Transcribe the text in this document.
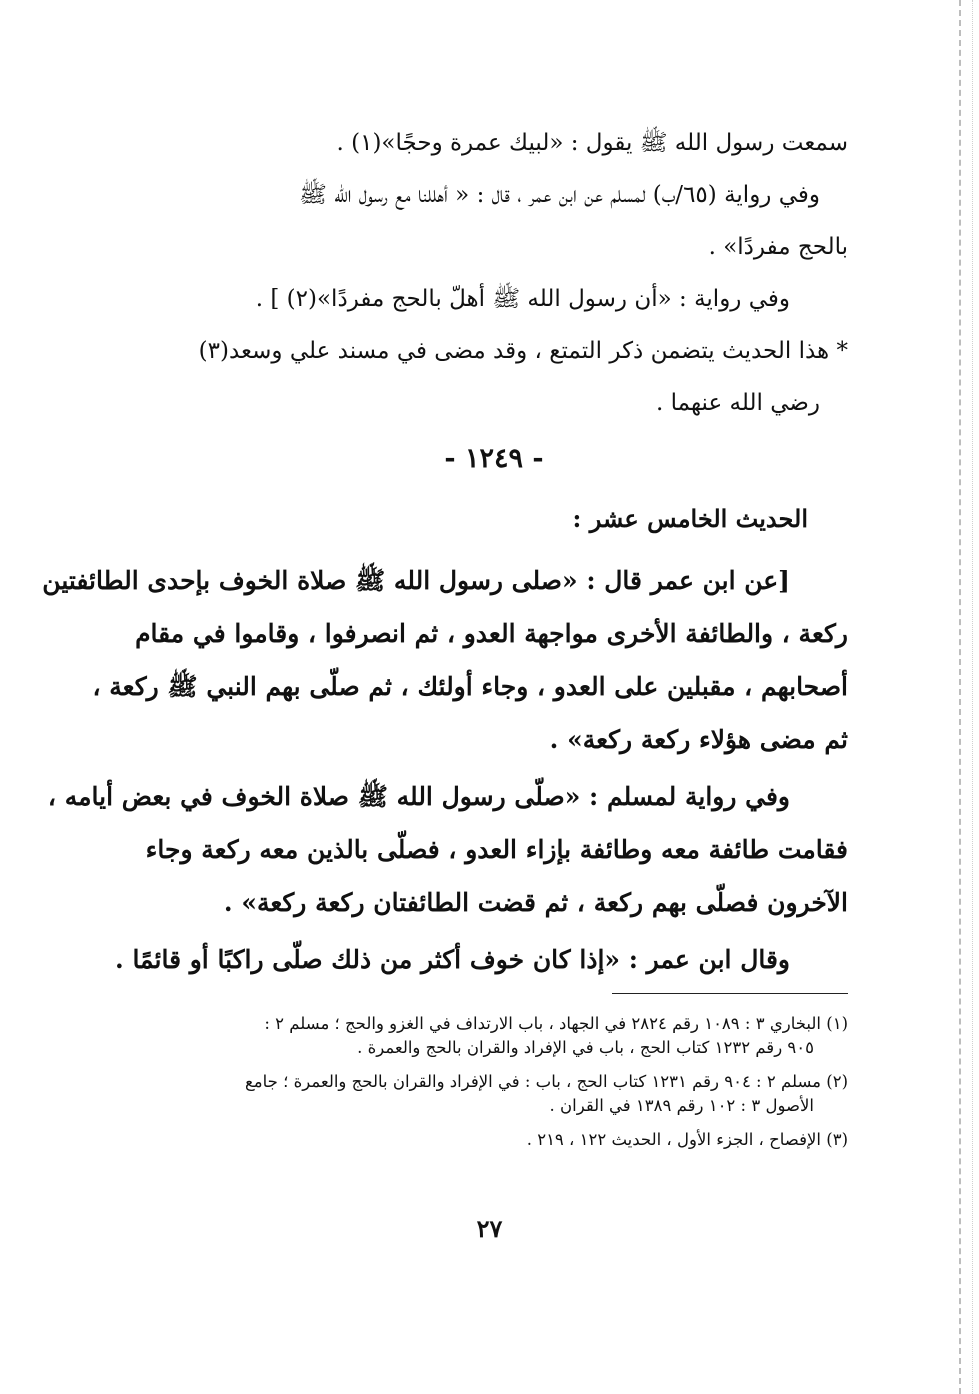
سمعت رسول الله ﷺ يقول : «لبيك عمرة وحجًا»(١) .
وفي رواية (٦٥/ب) لمسلم عن ابن عمر ، قال : « أهللنا مع رسول الله ﷺ
بالحج مفردًا» .
وفي رواية : «أن رسول الله ﷺ أهلّ بالحج مفردًا»(٢) ] .
* هذا الحديث يتضمن ذكر التمتع ، وقد مضى في مسند علي وسعد(٣)
رضي الله عنهما .
- ١٢٤٩ -
الحديث الخامس عشر :
[عن ابن عمر قال : «صلى رسول الله ﷺ صلاة الخوف بإحدى الطائفتين
ركعة ، والطائفة الأخرى مواجهة العدو ، ثم انصرفوا ، وقاموا في مقام
أصحابهم ، مقبلين على العدو ، وجاء أولئك ، ثم صلّى بهم النبي ﷺ ركعة ،
ثم مضى هؤلاء ركعة ركعة» .
وفي رواية لمسلم : «صلّى رسول الله ﷺ صلاة الخوف في بعض أيامه ،
فقامت طائفة معه وطائفة بإزاء العدو ، فصلّى بالذين معه ركعة وجاء
الآخرون فصلّى بهم ركعة ، ثم قضت الطائفتان ركعة ركعة» .
وقال ابن عمر : «إذا كان خوف أكثر من ذلك صلّى راكبًا أو قائمًا .
(١) البخاري ٣ : ١٠٨٩ رقم ٢٨٢٤ في الجهاد ، باب الارتداف في الغزو والحج ؛ مسلم ٢ :
٩٠٥ رقم ١٢٣٢ كتاب الحج ، باب في الإفراد والقران بالحج والعمرة .
(٢) مسلم ٢ : ٩٠٤ رقم ١٢٣١ كتاب الحج ، باب : في الإفراد والقران بالحج والعمرة ؛ جامع
الأصول ٣ : ١٠٢ رقم ١٣٨٩ في القران .
(٣) الإفصاح ، الجزء الأول ، الحديث ١٢٢ ، ٢١٩ .
٢٧
